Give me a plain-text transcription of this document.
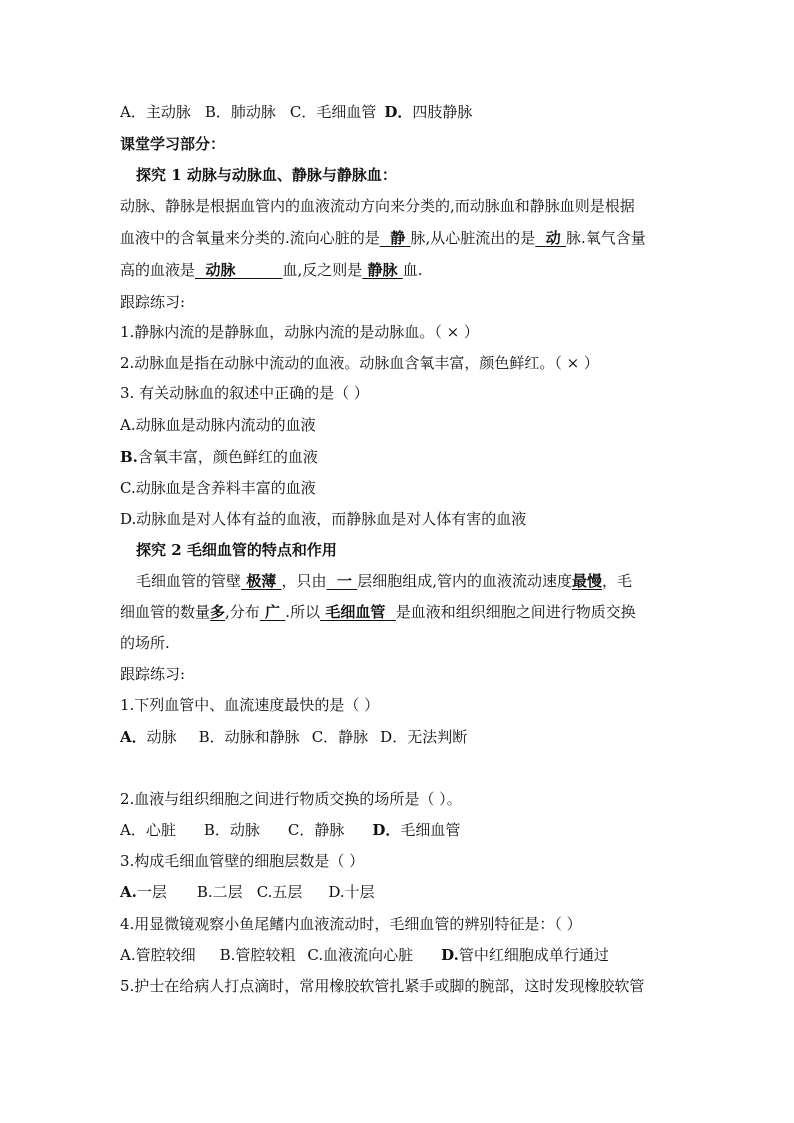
A．主动脉 B．肺动脉 C．毛细血管 D．四肢静脉
课堂学习部分：
探究 1 动脉与动脉血、静脉与静脉血：
动脉、静脉是根据血管内的血液流动方向来分类的,而动脉血和静脉血则是根据
血液中的含氧量来分类的.流向心脏的是 静 脉,从心脏流出的是 动 脉.氧气含量
高的血液是 动脉	血,反之则是 静脉 血.
跟踪练习:
1.静脉内流的是静脉血，动脉内流的是动脉血。（ × ）
2.动脉血是指在动脉中流动的血液。动脉血含氧丰富，颜色鲜红。（ × ）
3. 有关动脉血的叙述中正确的是（ ）
A.动脉血是动脉内流动的血液
B.含氧丰富，颜色鲜红的血液
C.动脉血是含养料丰富的血液
D.动脉血是对人体有益的血液，而静脉血是对人体有害的血液
探究 2 毛细血管的特点和作用
毛细血管的管壁 极薄 ，只由 一 层细胞组成,管内的血液流动速度最慢，毛
细血管的数量多,分布 广 .所以 毛细血管 是血液和组织细胞之间进行物质交换
的场所.
跟踪练习:
1.下列血管中、血流速度最快的是（ ）
A．动脉 B．动脉和静脉 C．静脉 D．无法判断
2.血液与组织细胞之间进行物质交换的场所是（ ）。
A．心脏 B．动脉 C．静脉 D．毛细血管
3.构成毛细血管壁的细胞层数是（ ）
A.一层 B.二层 C.五层 D.十层
4.用显微镜观察小鱼尾鳍内血液流动时，毛细血管的辨别特征是：（ ）
A.管腔较细 B.管腔较粗 C.血液流向心脏 D.管中红细胞成单行通过
5.护士在给病人打点滴时，常用橡胶软管扎紧手或脚的腕部，这时发现橡胶软管
